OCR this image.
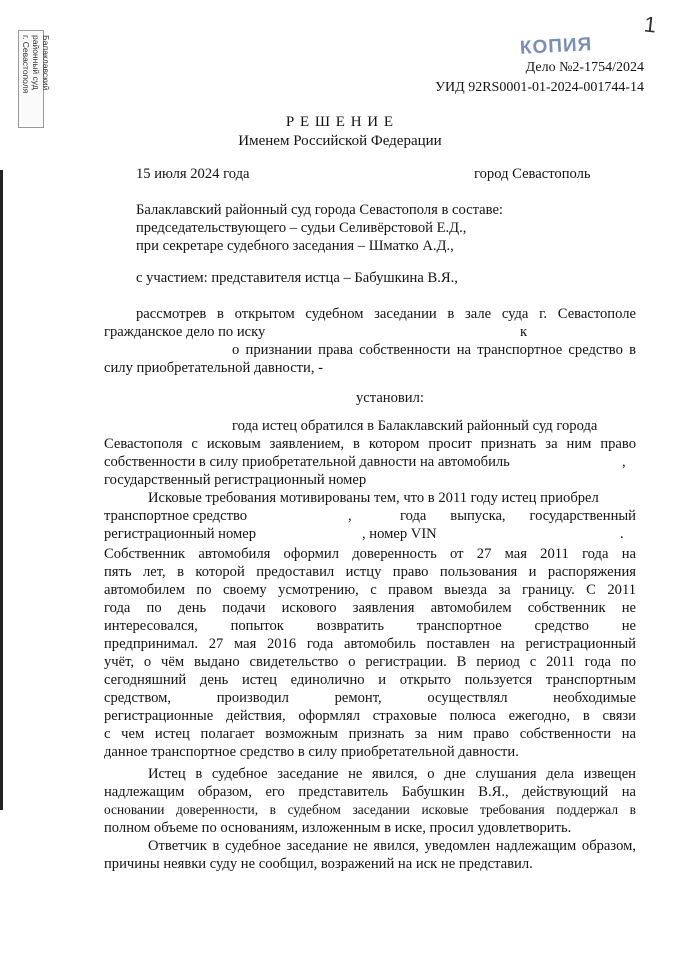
Балаклавский районный суд
г. Севастополя	КОПИЯ
1
Дело №2-1754/2024
УИД 92RS0001-01-2024-001744-14
Р Е Ш Е Н И Е
Именем Российской Федерации
15 июля 2024 года	город Севастополь
Балаклавский районный суд города Севастополя в составе:
председательствующего – судьи Селивёрстовой Е.Д.,
при секретаре судебного заседания – Шматко А.Д.,
с участием: представителя истца – Бабушкина В.Я.,
рассмотрев в открытом судебном заседании в зале суда г. Севастополе
гражданское дело по иску	к
о признании права собственности на транспортное средство в
силу приобретательной давности, -
установил:
года истец обратился в Балаклавский районный суд города
Севастополя с исковым заявлением, в котором просит признать за ним право
собственности в силу приобретательной давности на автомобиль	,
государственный регистрационный номер
Исковые требования мотивированы тем, что в 2011 году истец приобрел
транспортное средство	,	года выпуска, государственный
регистрационный номер	, номер VIN	.
Собственник автомобиля оформил доверенность от 27 мая 2011 года на
пять лет, в которой предоставил истцу право пользования и распоряжения
автомобилем по своему усмотрению, с правом выезда за границу. С 2011
года по день подачи искового заявления автомобилем собственник не
интересовался, попыток возвратить транспортное средство не
предпринимал. 27 мая 2016 года автомобиль поставлен на регистрационный
учёт, о чём выдано свидетельство о регистрации. В период с 2011 года по
сегодняшний день истец единолично и открыто пользуется транспортным
средством, производил ремонт, осуществлял необходимые
регистрационные действия, оформлял страховые полюса ежегодно, в связи
с чем истец полагает возможным признать за ним право собственности на
данное транспортное средство в силу приобретательной давности.
Истец в судебное заседание не явился, о дне слушания дела извещен
надлежащим образом, его представитель Бабушкин В.Я., действующий на
основании доверенности, в судебном заседании исковые требования поддержал в
полном объеме по основаниям, изложенным в иске, просил удовлетворить.
Ответчик в судебное заседание не явился, уведомлен надлежащим образом,
причины неявки суду не сообщил, возражений на иск не представил.
